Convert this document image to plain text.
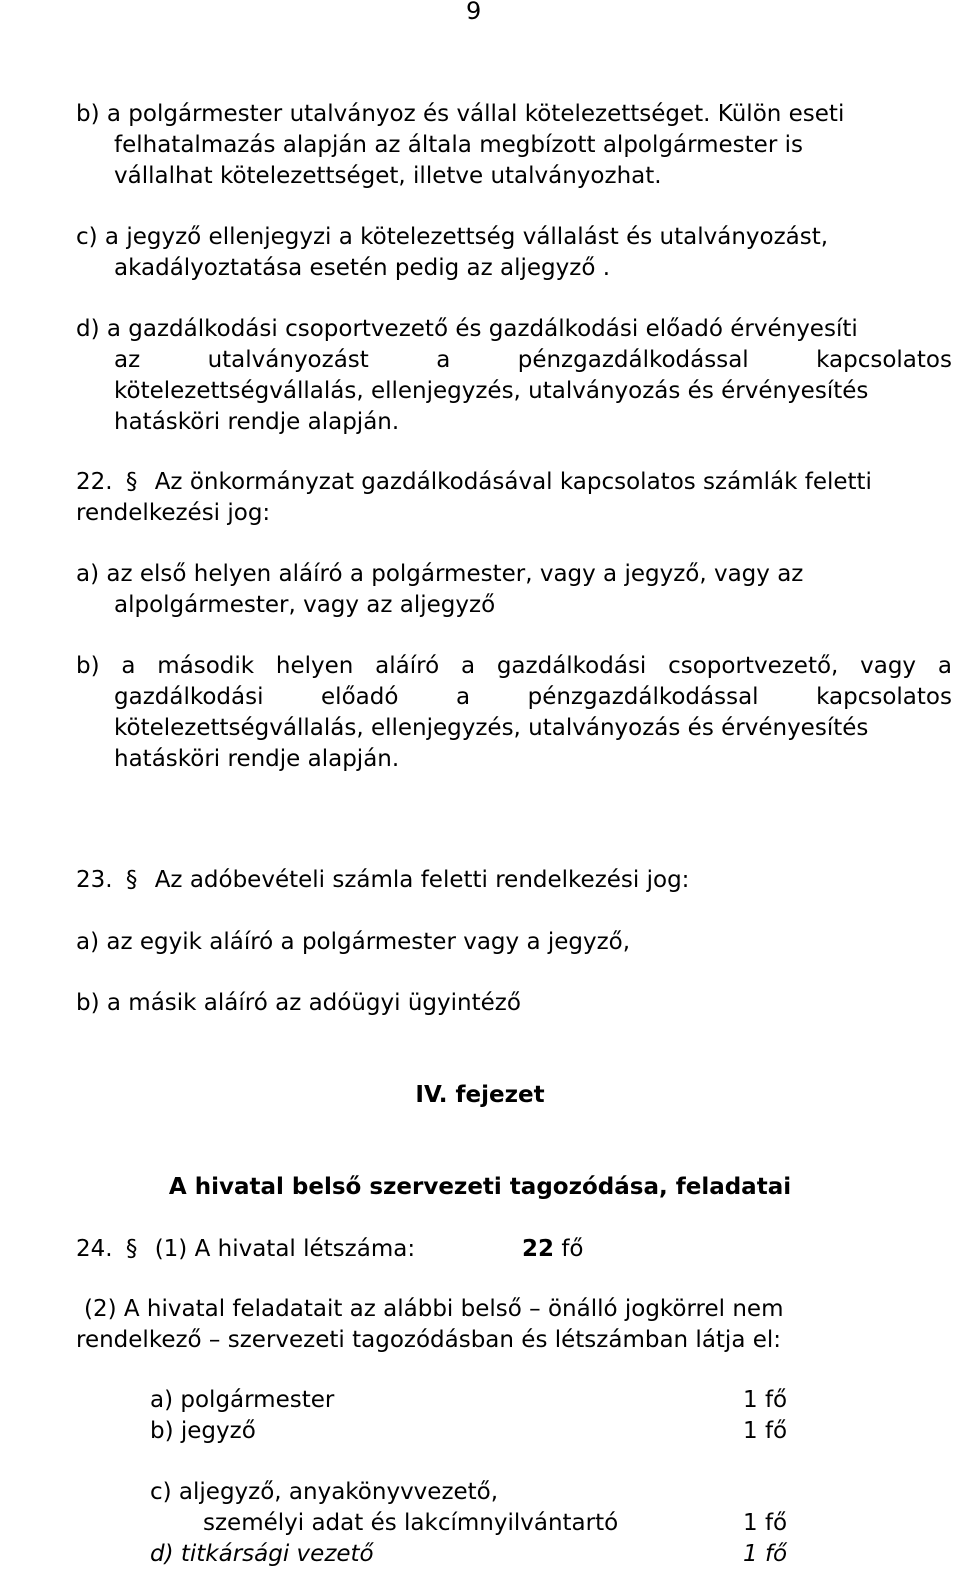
9
b) a polgármester utalványoz és vállal kötelezettséget. Külön eseti
felhatalmazás alapján az általa megbízott alpolgármester is
vállalhat kötelezettséget, illetve utalványozhat.
c) a jegyző ellenjegyzi a kötelezettség vállalást és utalványozást,
akadályoztatása esetén pedig az aljegyző .
d) a gazdálkodási csoportvezető és gazdálkodási előadó érvényesíti
az	utalványozást	a	pénzgazdálkodással	kapcsolatos
kötelezettségvállalás, ellenjegyzés, utalványozás és érvényesítés
hatásköri rendje alapján.
22. § Az önkormányzat gazdálkodásával kapcsolatos számlák feletti
rendelkezési jog:
a) az első helyen aláíró a polgármester, vagy a jegyző, vagy az
alpolgármester, vagy az aljegyző
b) a második helyen aláíró a gazdálkodási csoportvezető, vagy a
gazdálkodási	előadó	a	pénzgazdálkodással	kapcsolatos
kötelezettségvállalás, ellenjegyzés, utalványozás és érvényesítés
hatásköri rendje alapján.
23. § Az adóbevételi számla feletti rendelkezési jog:
a) az egyik aláíró a polgármester vagy a jegyző,
b) a másik aláíró az adóügyi ügyintéző
IV. fejezet
A hivatal belső szervezeti tagozódása, feladatai
24. § (1) A hivatal létszáma:	22 fő
(2) A hivatal feladatait az alábbi belső – önálló jogkörrel nem
rendelkező – szervezeti tagozódásban és létszámban látja el:
a) polgármester	1 fő
b) jegyző	1 fő
c) aljegyző, anyakönyvvezető,
személyi adat és lakcímnyilvántartó	1 fő
d) titkársági vezető	1 fő
